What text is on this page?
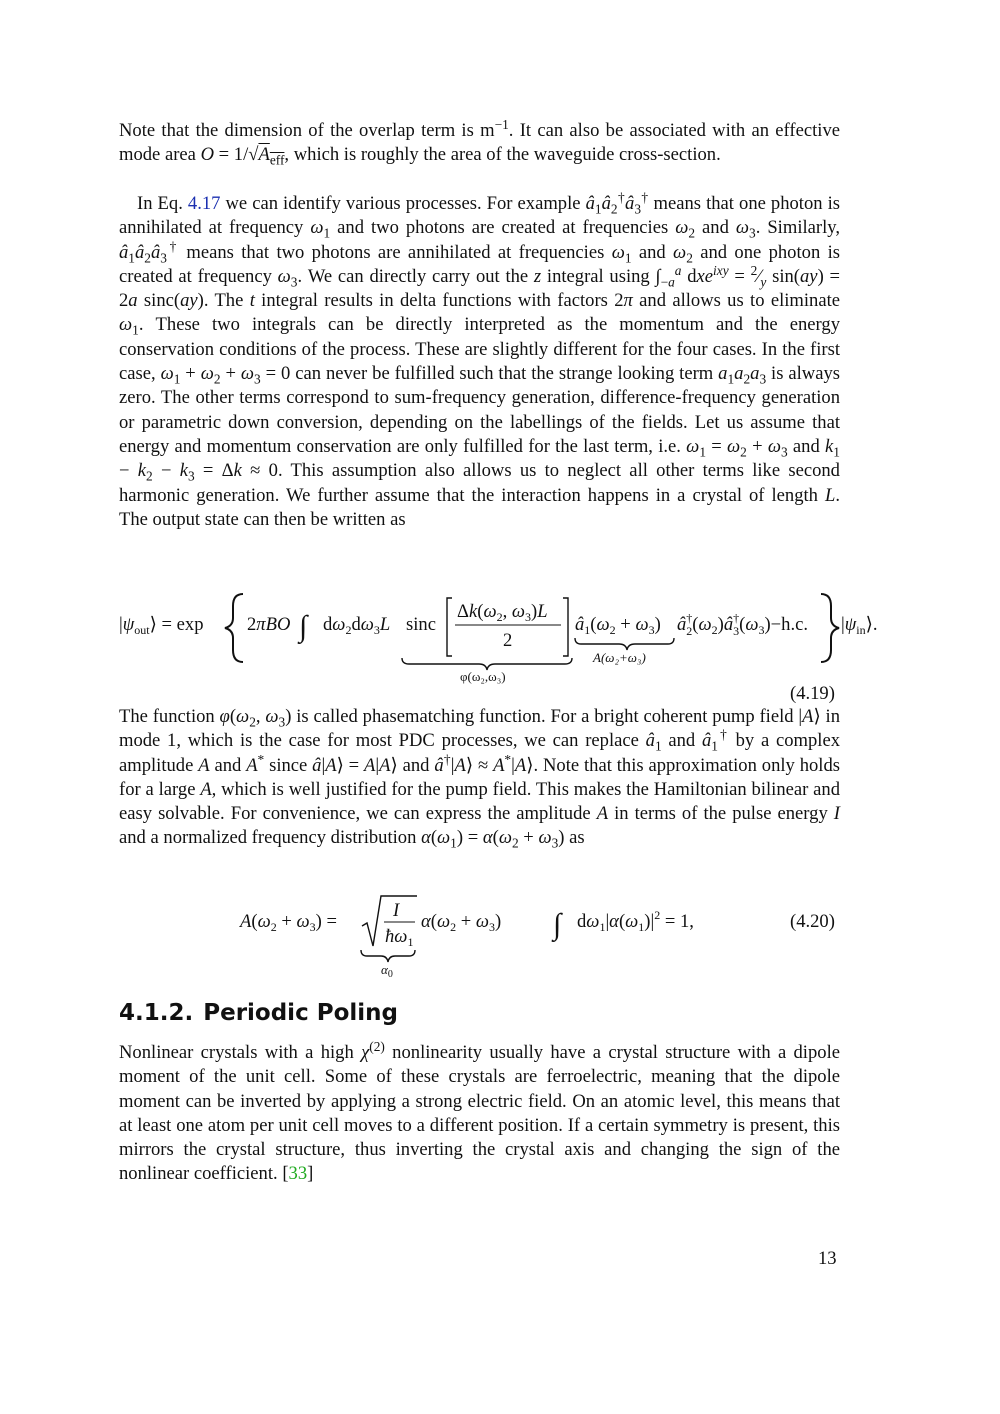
Note that the dimension of the overlap term is $m^{-1}$. It can also be associated with an effective mode area $O = 1/√A_{eff}$, which is roughly the area of the waveguide cross-section.

In Eq. 4.17 we can identify various processes. For example $â_1â_2^\dagger â_3^\dagger$ means that one photon is annihilated at frequency $\omega_1$ and two photons are created at frequencies $\omega_2$ and $\omega_3$. Similarly, $â_1â_2â_3^\dagger$ means that two photons are annihilated at frequencies $\omega_1$ and $\omega_2$ and one photon is created at frequency $\omega_3$. We can directly carry out the z integral using $\int_{-a}^a$ $dxe^{ixy} = ^2⁄_y$ sin(ay) = 2a sinc(ay). The t integral results in delta functions with factors 2π and allows us to eliminate $\omega_1$. These two integrals can be directly interpreted as the momentum and the energy conservation conditions of the process. These are slightly different for the four cases. In the first case, $\omega_1 + \omega_2 + \omega_3 = 0$ can never be fulfilled such that the strange looking term $a_1a_2a_3$ is always zero. The other terms correspond to sum-frequency generation, difference-frequency generation or parametric down conversion, depending on the labellings of the fields. Let us assume that energy and momentum conservation are only fulfilled for the last term, i.e. $\omega_1 = \omega_2 + \omega_3$ and $k_1 - k_2 - k_3 = \Delta k \approx 0$. This assumption also allows us to neglect all other terms like second harmonic generation. We further assume that the interaction happens in a crystal of length L. The output state can then be written as

$|\psi_{out}⟩ = \exp 2\pi BO$ ∫ $d\omega_2d\omega_3L$ sinc
$\Delta k(\omega_2$, $\omega_3)L$
2
φ(ω₂,ω₃)
$â_1(\omega_2 + \omega_3)$
A(ω₂+ω₃)
â† $2(\omega_2)â^\dagger$ $3(\omega_3)-h.c$. $|\psi_{in}⟩$.
(4.19)

The function $\varphi(\omega_2$, $\omega_3$) is called phasematching function. For a bright coherent pump field |A⟩ in mode 1, which is the case for most PDC processes, we can replace $â_1$ and $â_1^\dagger$ by a complex amplitude A and A* since â|A⟩ = A|A⟩ and â†|A⟩ ≈ A*|A⟩. Note that this approximation only holds for a large A, which is well justified for the pump field. This makes the Hamiltonian bilinear and easy solvable. For convenience, we can express the amplitude A in terms of the pulse energy I and a normalized frequency distribution $\alpha(\omega_1) = \alpha(\omega_2 + \omega_3)$ as

$A(\omega_2 + \omega_3)$ =
I
$ħ\omega_1$
$\alpha(\omega_2 + \omega_3)$
$\alpha_0$
∫ $d\omega_1|\alpha(\omega_1)|^2 = 1$,	(4.20)
4.1.2. Periodic Poling

Nonlinear crystals with a high $\chi^{(2)}$ nonlinearity usually have a crystal structure with a dipole moment of the unit cell. Some of these crystals are ferroelectric, meaning that the dipole moment can be inverted by applying a strong electric field. On an atomic level, this means that at least one atom per unit cell moves to a different position. If a certain symmetry is present, this mirrors the crystal structure, thus inverting the crystal axis and changing the sign of the nonlinear coefficient. [33]

13
